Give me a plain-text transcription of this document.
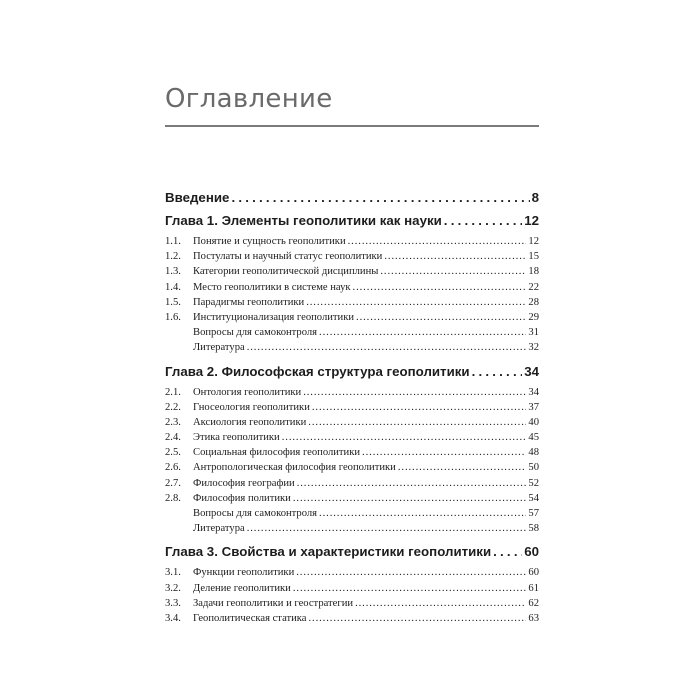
Оглавление
Введение .....	8
Глава 1. Элементы геополитики как науки .....	12
1.1.	Понятие и сущность геополитики .....	12
1.2.	Постулаты и научный статус геополитики .....	15
1.3.	Категории геополитической дисциплины .....	18
1.4.	Место геополитики в системе наук .....	22
1.5.	Парадигмы геополитики .....	28
1.6.	Институционализация геополитики .....	29
Вопросы для самоконтроля .....	31
Литература .....	32
Глава 2. Философская структура геополитики .....	34
2.1.	Онтология геополитики .....	34
2.2.	Гносеология геополитики .....	37
2.3.	Аксиология геополитики .....	40
2.4.	Этика геополитики .....	45
2.5.	Социальная философия геополитики .....	48
2.6.	Антропологическая философия геополитики .....	50
2.7.	Философия географии .....	52
2.8.	Философия политики .....	54
Вопросы для самоконтроля .....	57
Литература .....	58
Глава 3. Свойства и характеристики геополитики ..... 60
3.1.	Функции геополитики .....	60
3.2.	Деление геополитики .....	61
3.3.	Задачи геополитики и геостратегии .....	62
3.4.	Геополитическая статика .....	63
